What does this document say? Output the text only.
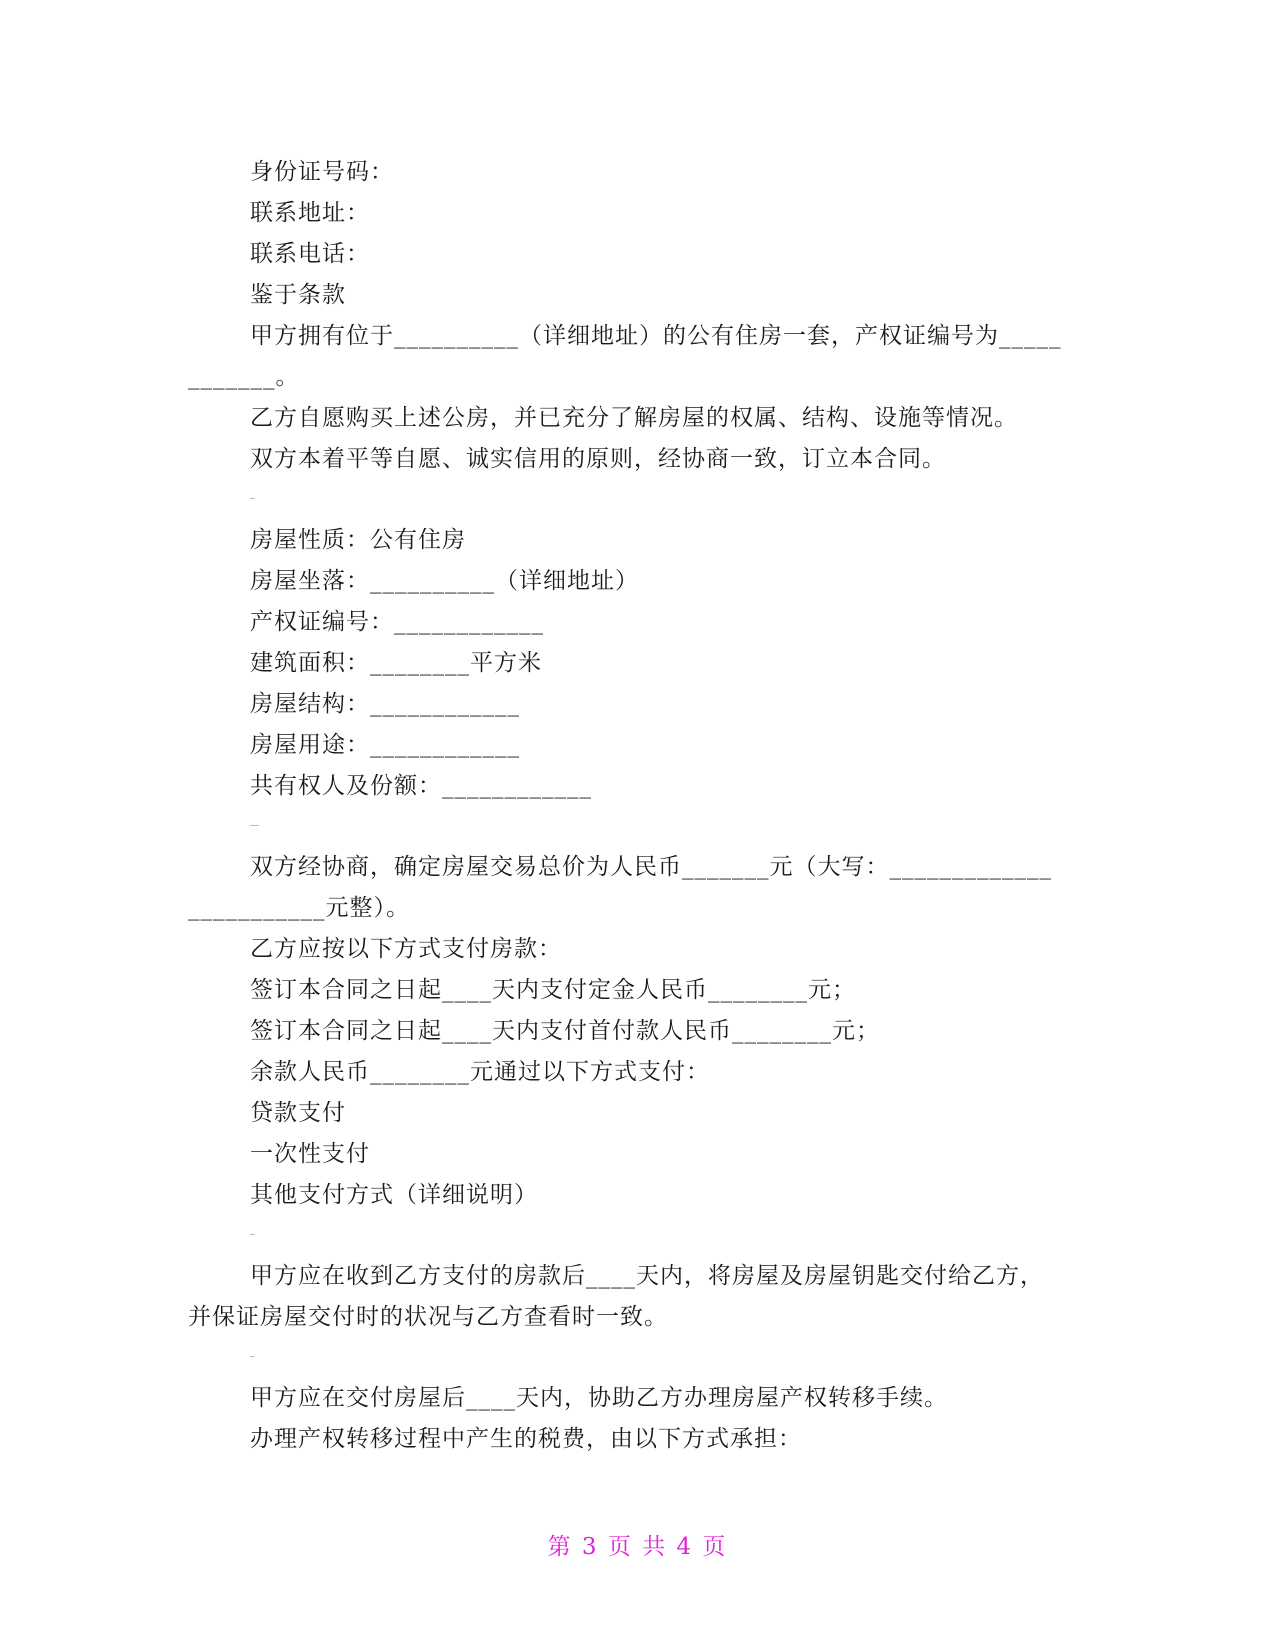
身份证号码：
联系地址：
联系电话：
鉴于条款
甲方拥有位于__________（详细地址）的公有住房一套，产权证编号为_____
_______。
乙方自愿购买上述公房，并已充分了解房屋的权属、结构、设施等情况。
双方本着平等自愿、诚实信用的原则，经协商一致，订立本合同。
房屋性质：公有住房
房屋坐落：__________（详细地址）
产权证编号：____________
建筑面积：________平方米
房屋结构：____________
房屋用途：____________
共有权人及份额：____________
双方经协商，确定房屋交易总价为人民币_______元（大写：_____________
___________元整）。
乙方应按以下方式支付房款：
签订本合同之日起____天内支付定金人民币________元；
签订本合同之日起____天内支付首付款人民币________元；
余款人民币________元通过以下方式支付：
贷款支付
一次性支付
其他支付方式（详细说明）
甲方应在收到乙方支付的房款后____天内，将房屋及房屋钥匙交付给乙方，
并保证房屋交付时的状况与乙方查看时一致。
甲方应在交付房屋后____天内，协助乙方办理房屋产权转移手续。
办理产权转移过程中产生的税费，由以下方式承担：
第 3 页 共 4 页
